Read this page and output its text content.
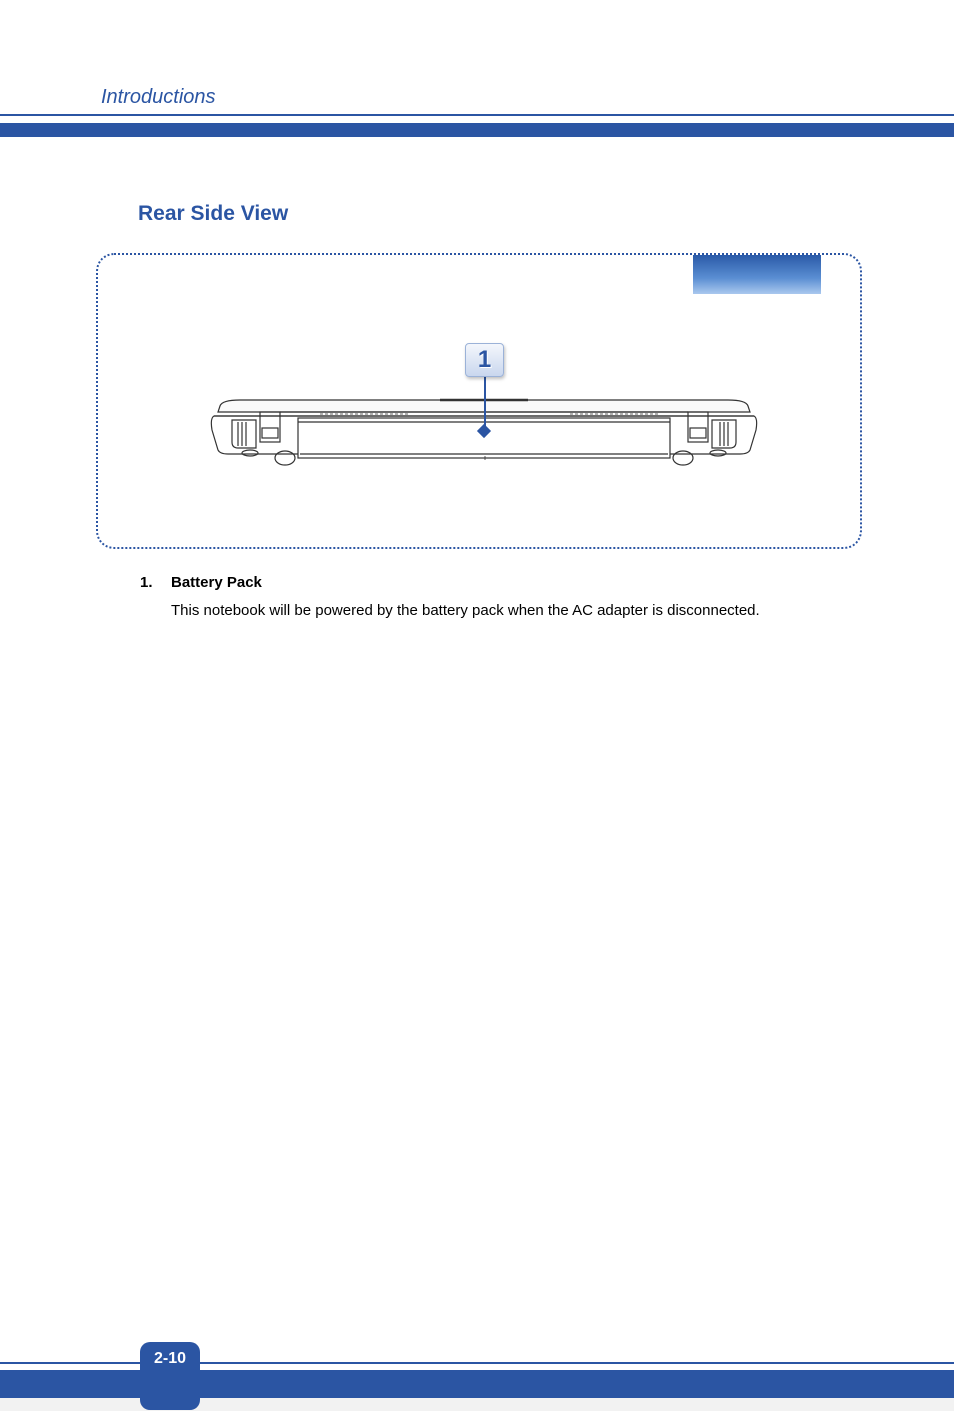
Introductions
Rear Side View
1
1. Battery Pack
This notebook will be powered by the battery pack when the AC adapter is disconnected.
2-10
